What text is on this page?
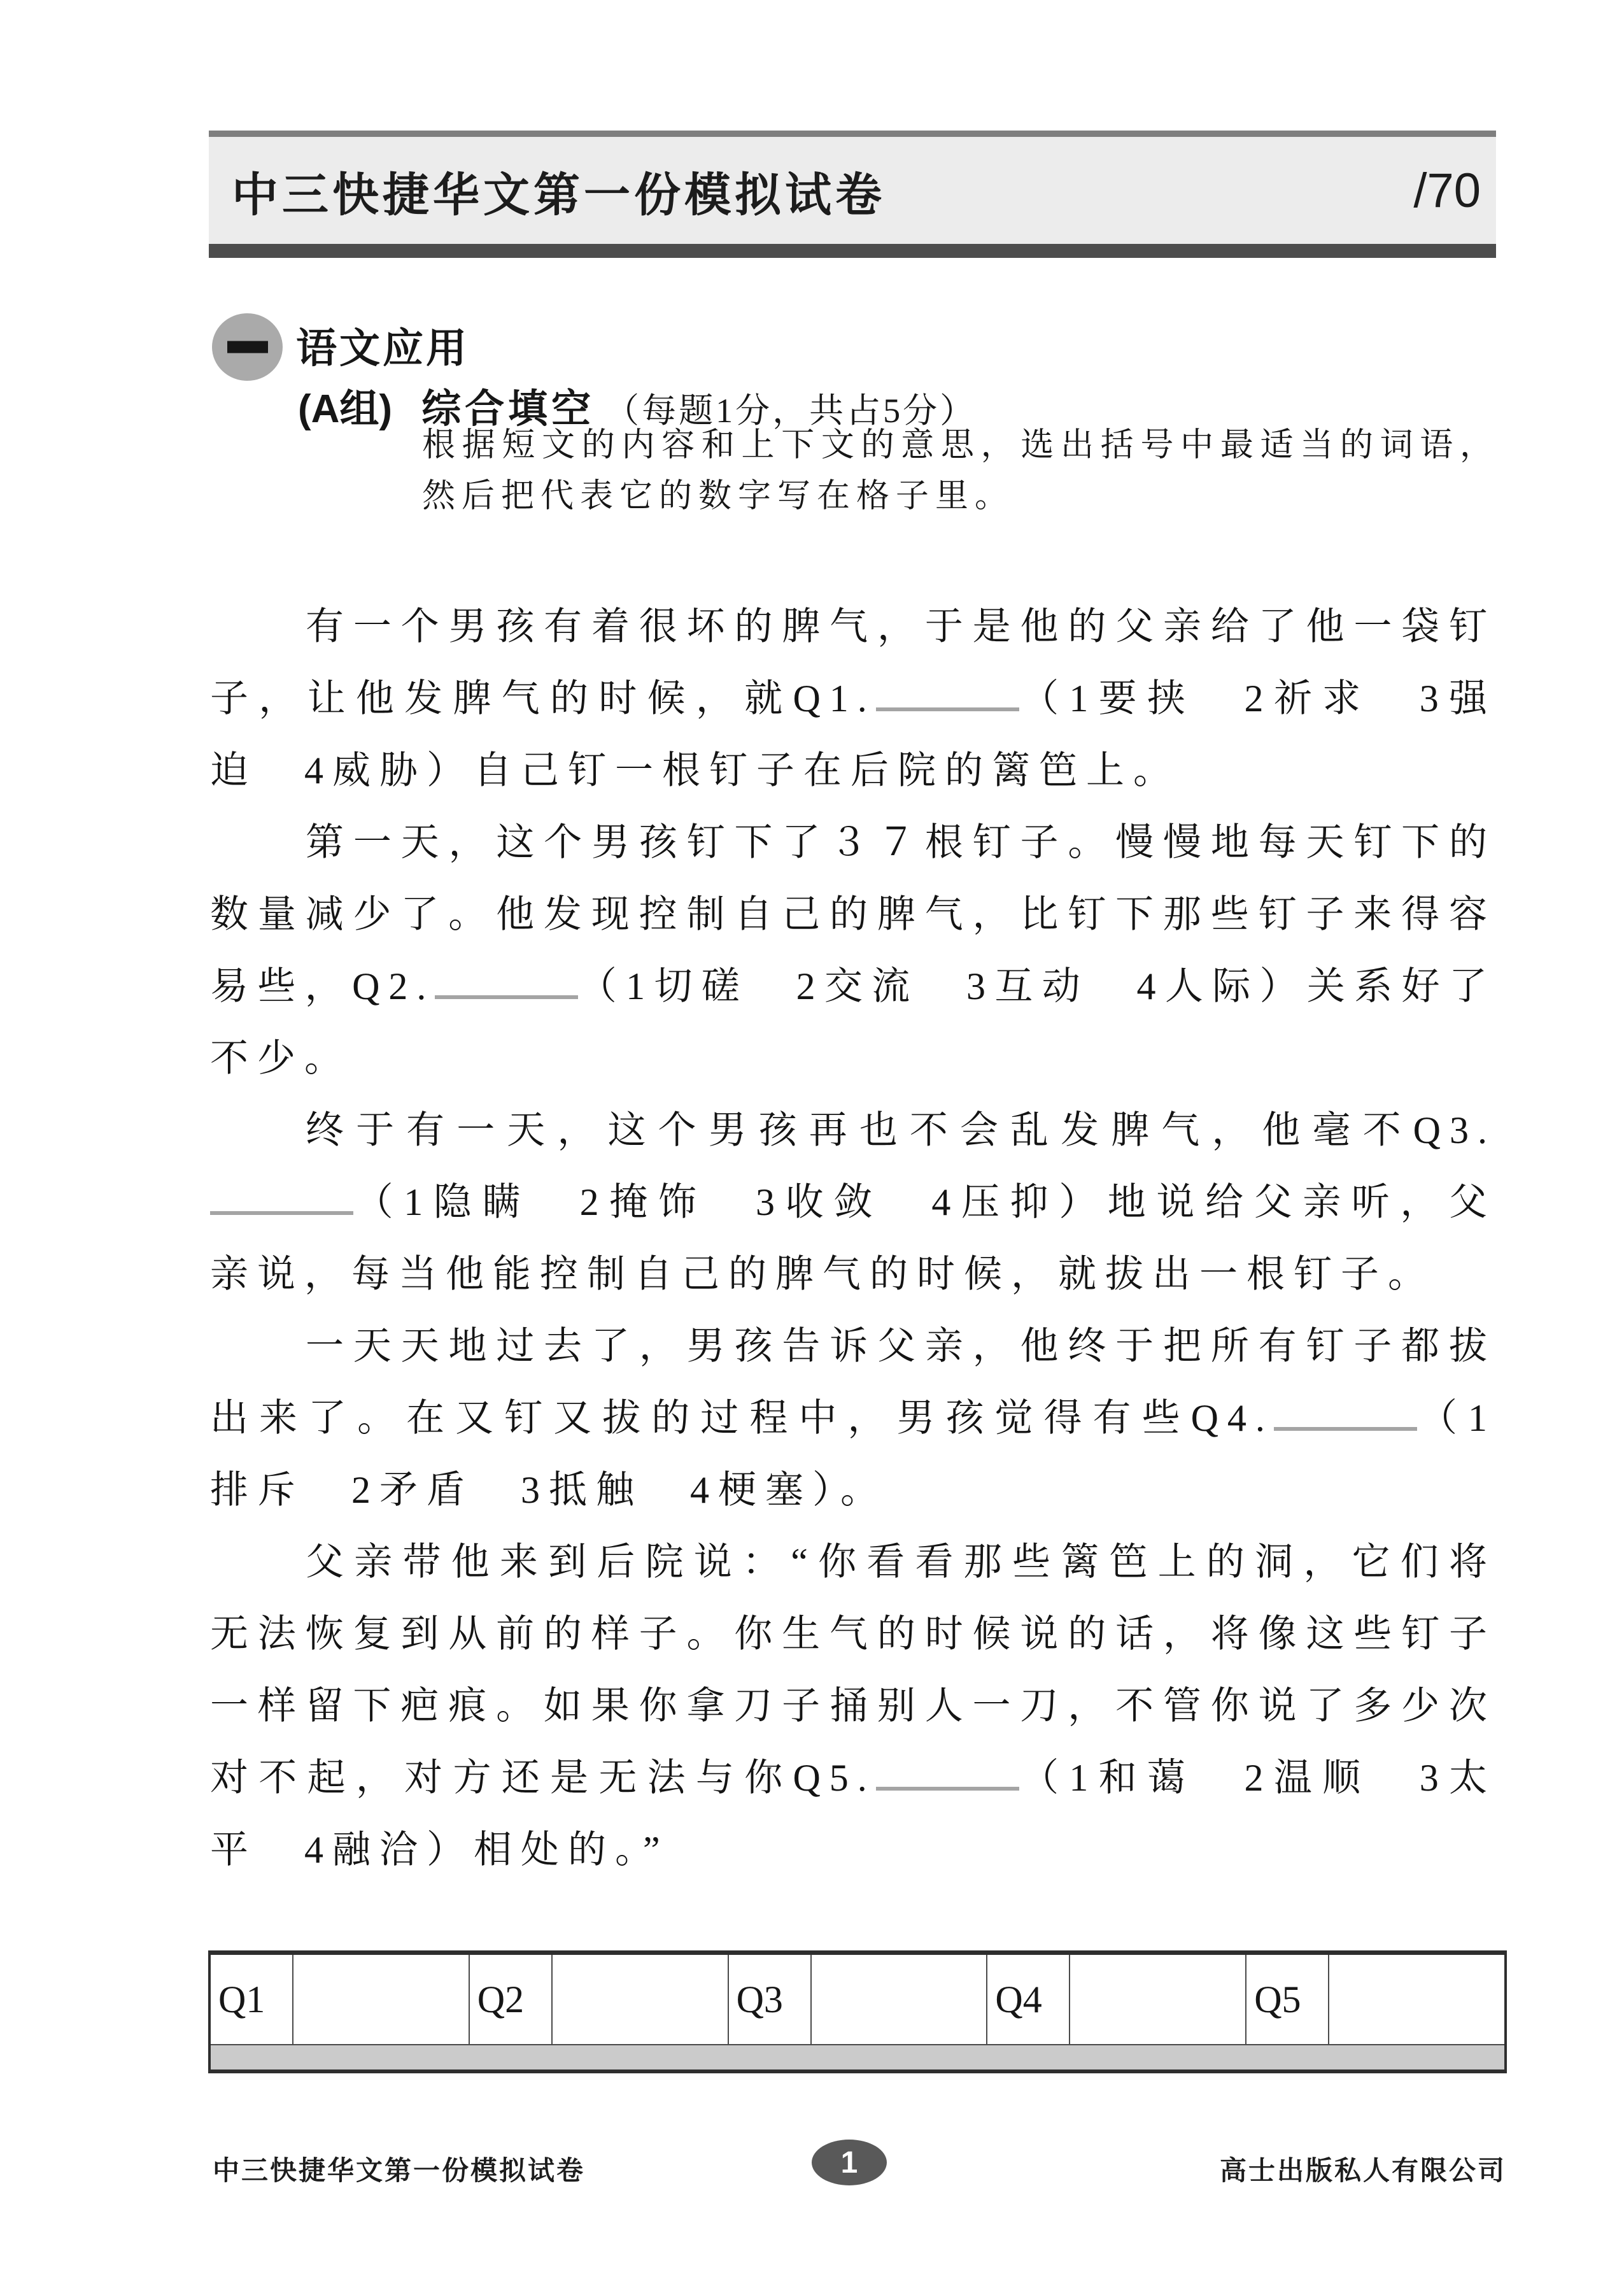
中三快捷华文第一份模拟试卷	/70
语文应用
(A组) 综合填空 （每题1分，共占5分）
根据短文的内容和上下文的意思，选出括号中最适当的词语，然后把代表它的数字写在格子里。

有一个男孩有着很坏的脾气，于是他的父亲给了他一袋钉子，让他发脾气的时候，就Q1.	（1要挟　2祈求　3强迫　4威胁）自己钉一根钉子在后院的篱笆上。

第一天，这个男孩钉下了３７根钉子。慢慢地每天钉下的数量减少了。他发现控制自己的脾气，比钉下那些钉子来得容易些，Q2.	（1切磋　2交流　3互动　4人际）关系好了不少。

终于有一天，这个男孩再也不会乱发脾气，他毫不Q3.（1隐瞒　2掩饰　3收敛　4压抑）地说给父亲听，父亲说，每当他能控制自己的脾气的时候，就拔出一根钉子。

一天天地过去了，男孩告诉父亲，他终于把所有钉子都拔出来了。在又钉又拔的过程中，男孩觉得有些Q4.	（1排斥　2矛盾　3抵触　4梗塞）。

父亲带他来到后院说：“你看看那些篱笆上的洞，它们将无法恢复到从前的样子。你生气的时候说的话，将像这些钉子一样留下疤痕。如果你拿刀子捅别人一刀，不管你说了多少次对不起，对方还是无法与你Q5.	（1和蔼　2温顺　3太平　4融洽）相处的。”

Q1	Q2	Q3	Q4	Q5
中三快捷华文第一份模拟试卷	1	高士出版私人有限公司
